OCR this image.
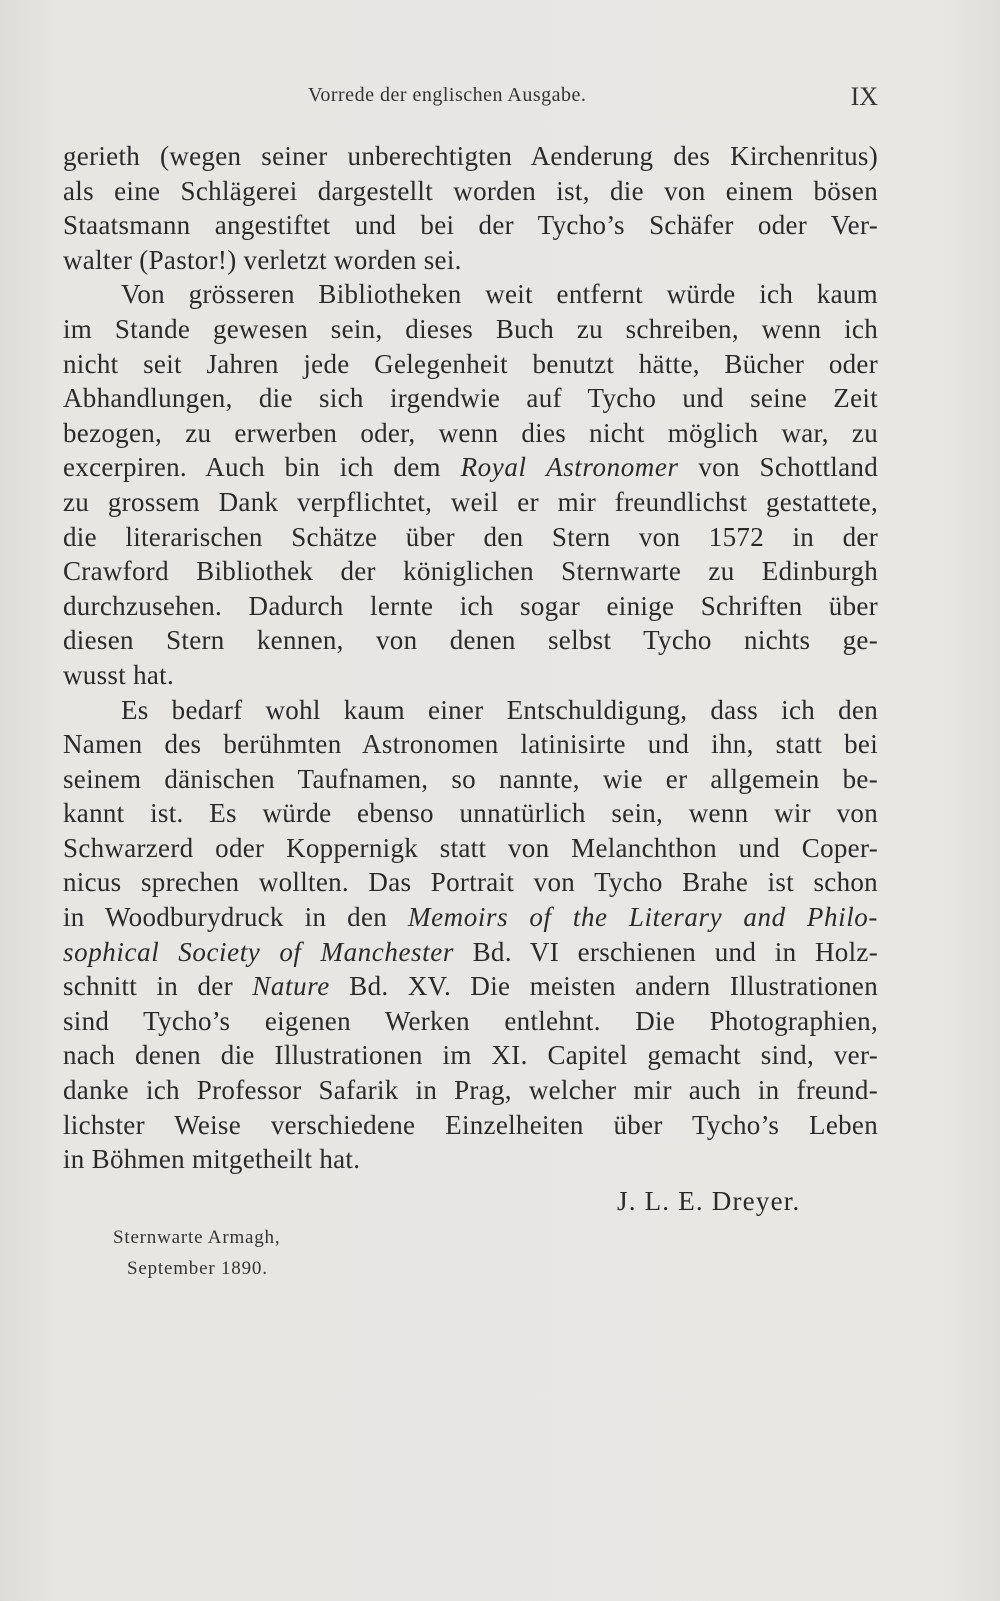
Vorrede der englischen Ausgabe.	IX
gerieth (wegen seiner unberechtigten Aenderung des Kirchenritus)
als eine Schlägerei dargestellt worden ist, die von einem bösen
Staatsmann angestiftet und bei der Tycho’s Schäfer oder Ver-
walter (Pastor!) verletzt worden sei.
Von grösseren Bibliotheken weit entfernt würde ich kaum
im Stande gewesen sein, dieses Buch zu schreiben, wenn ich
nicht seit Jahren jede Gelegenheit benutzt hätte, Bücher oder
Abhandlungen, die sich irgendwie auf Tycho und seine Zeit
bezogen, zu erwerben oder, wenn dies nicht möglich war, zu
excerpiren. Auch bin ich dem Royal Astronomer von Schottland
zu grossem Dank verpflichtet, weil er mir freundlichst gestattete,
die literarischen Schätze über den Stern von 1572 in der
Crawford Bibliothek der königlichen Sternwarte zu Edinburgh
durchzusehen. Dadurch lernte ich sogar einige Schriften über
diesen Stern kennen, von denen selbst Tycho nichts ge-
wusst hat.
Es bedarf wohl kaum einer Entschuldigung, dass ich den
Namen des berühmten Astronomen latinisirte und ihn, statt bei
seinem dänischen Taufnamen, so nannte, wie er allgemein be-
kannt ist. Es würde ebenso unnatürlich sein, wenn wir von
Schwarzerd oder Koppernigk statt von Melanchthon und Coper-
nicus sprechen wollten. Das Portrait von Tycho Brahe ist schon
in Woodburydruck in den Memoirs of the Literary and Philo-
sophical Society of Manchester Bd. VI erschienen und in Holz-
schnitt in der Nature Bd. XV. Die meisten andern Illustrationen
sind Tycho’s eigenen Werken entlehnt. Die Photographien,
nach denen die Illustrationen im XI. Capitel gemacht sind, ver-
danke ich Professor Safarik in Prag, welcher mir auch in freund-
lichster Weise verschiedene Einzelheiten über Tycho’s Leben
in Böhmen mitgetheilt hat.
J. L. E. Dreyer.
Sternwarte Armagh,
September 1890.
